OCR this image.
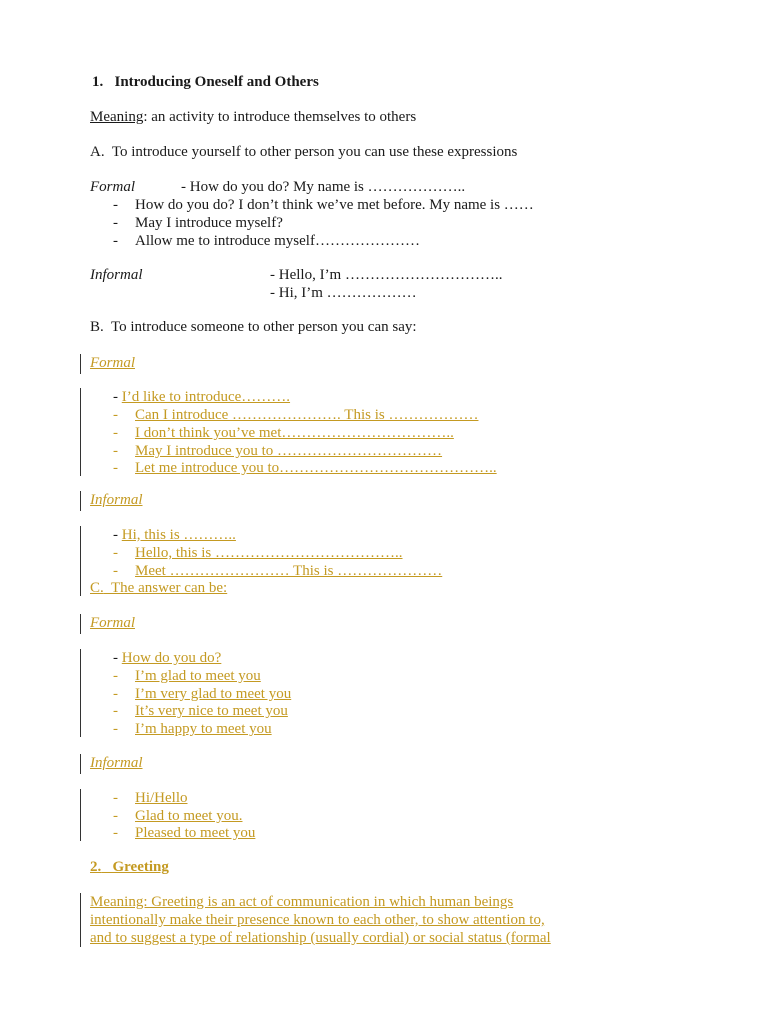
1. Introducing Oneself and Others
Meaning: an activity to introduce themselves to others
A. To introduce yourself to other person you can use these expressions
Formal	- How do you do? My name is ………………..
- How do you do? I don’t think we’ve met before. My name is ……
- May I introduce myself?
- Allow me to introduce myself…………………
Informal	- Hello, I’m …………………………..
- Hi, I’m ………………
B. To introduce someone to other person you can say:
Formal
- I’d like to introduce……….
- Can I introduce …………………. This is ………………
- I don’t think you’ve met……………………………..
- May I introduce you to ……………………………
- Let me introduce you to……………………………………..
Informal
- Hi, this is ………..
- Hello, this is ………………………………..
- Meet …………………… This is …………………
C. The answer can be:
Formal
- How do you do?
- I’m glad to meet you
- I’m very glad to meet you
- It’s very nice to meet you
- I’m happy to meet you
Informal
- Hi/Hello
- Glad to meet you.
- Pleased to meet you
2. Greeting
Meaning: Greeting is an act of communication in which human beings
intentionally make their presence known to each other, to show attention to,
and to suggest a type of relationship (usually cordial) or social status (formal
